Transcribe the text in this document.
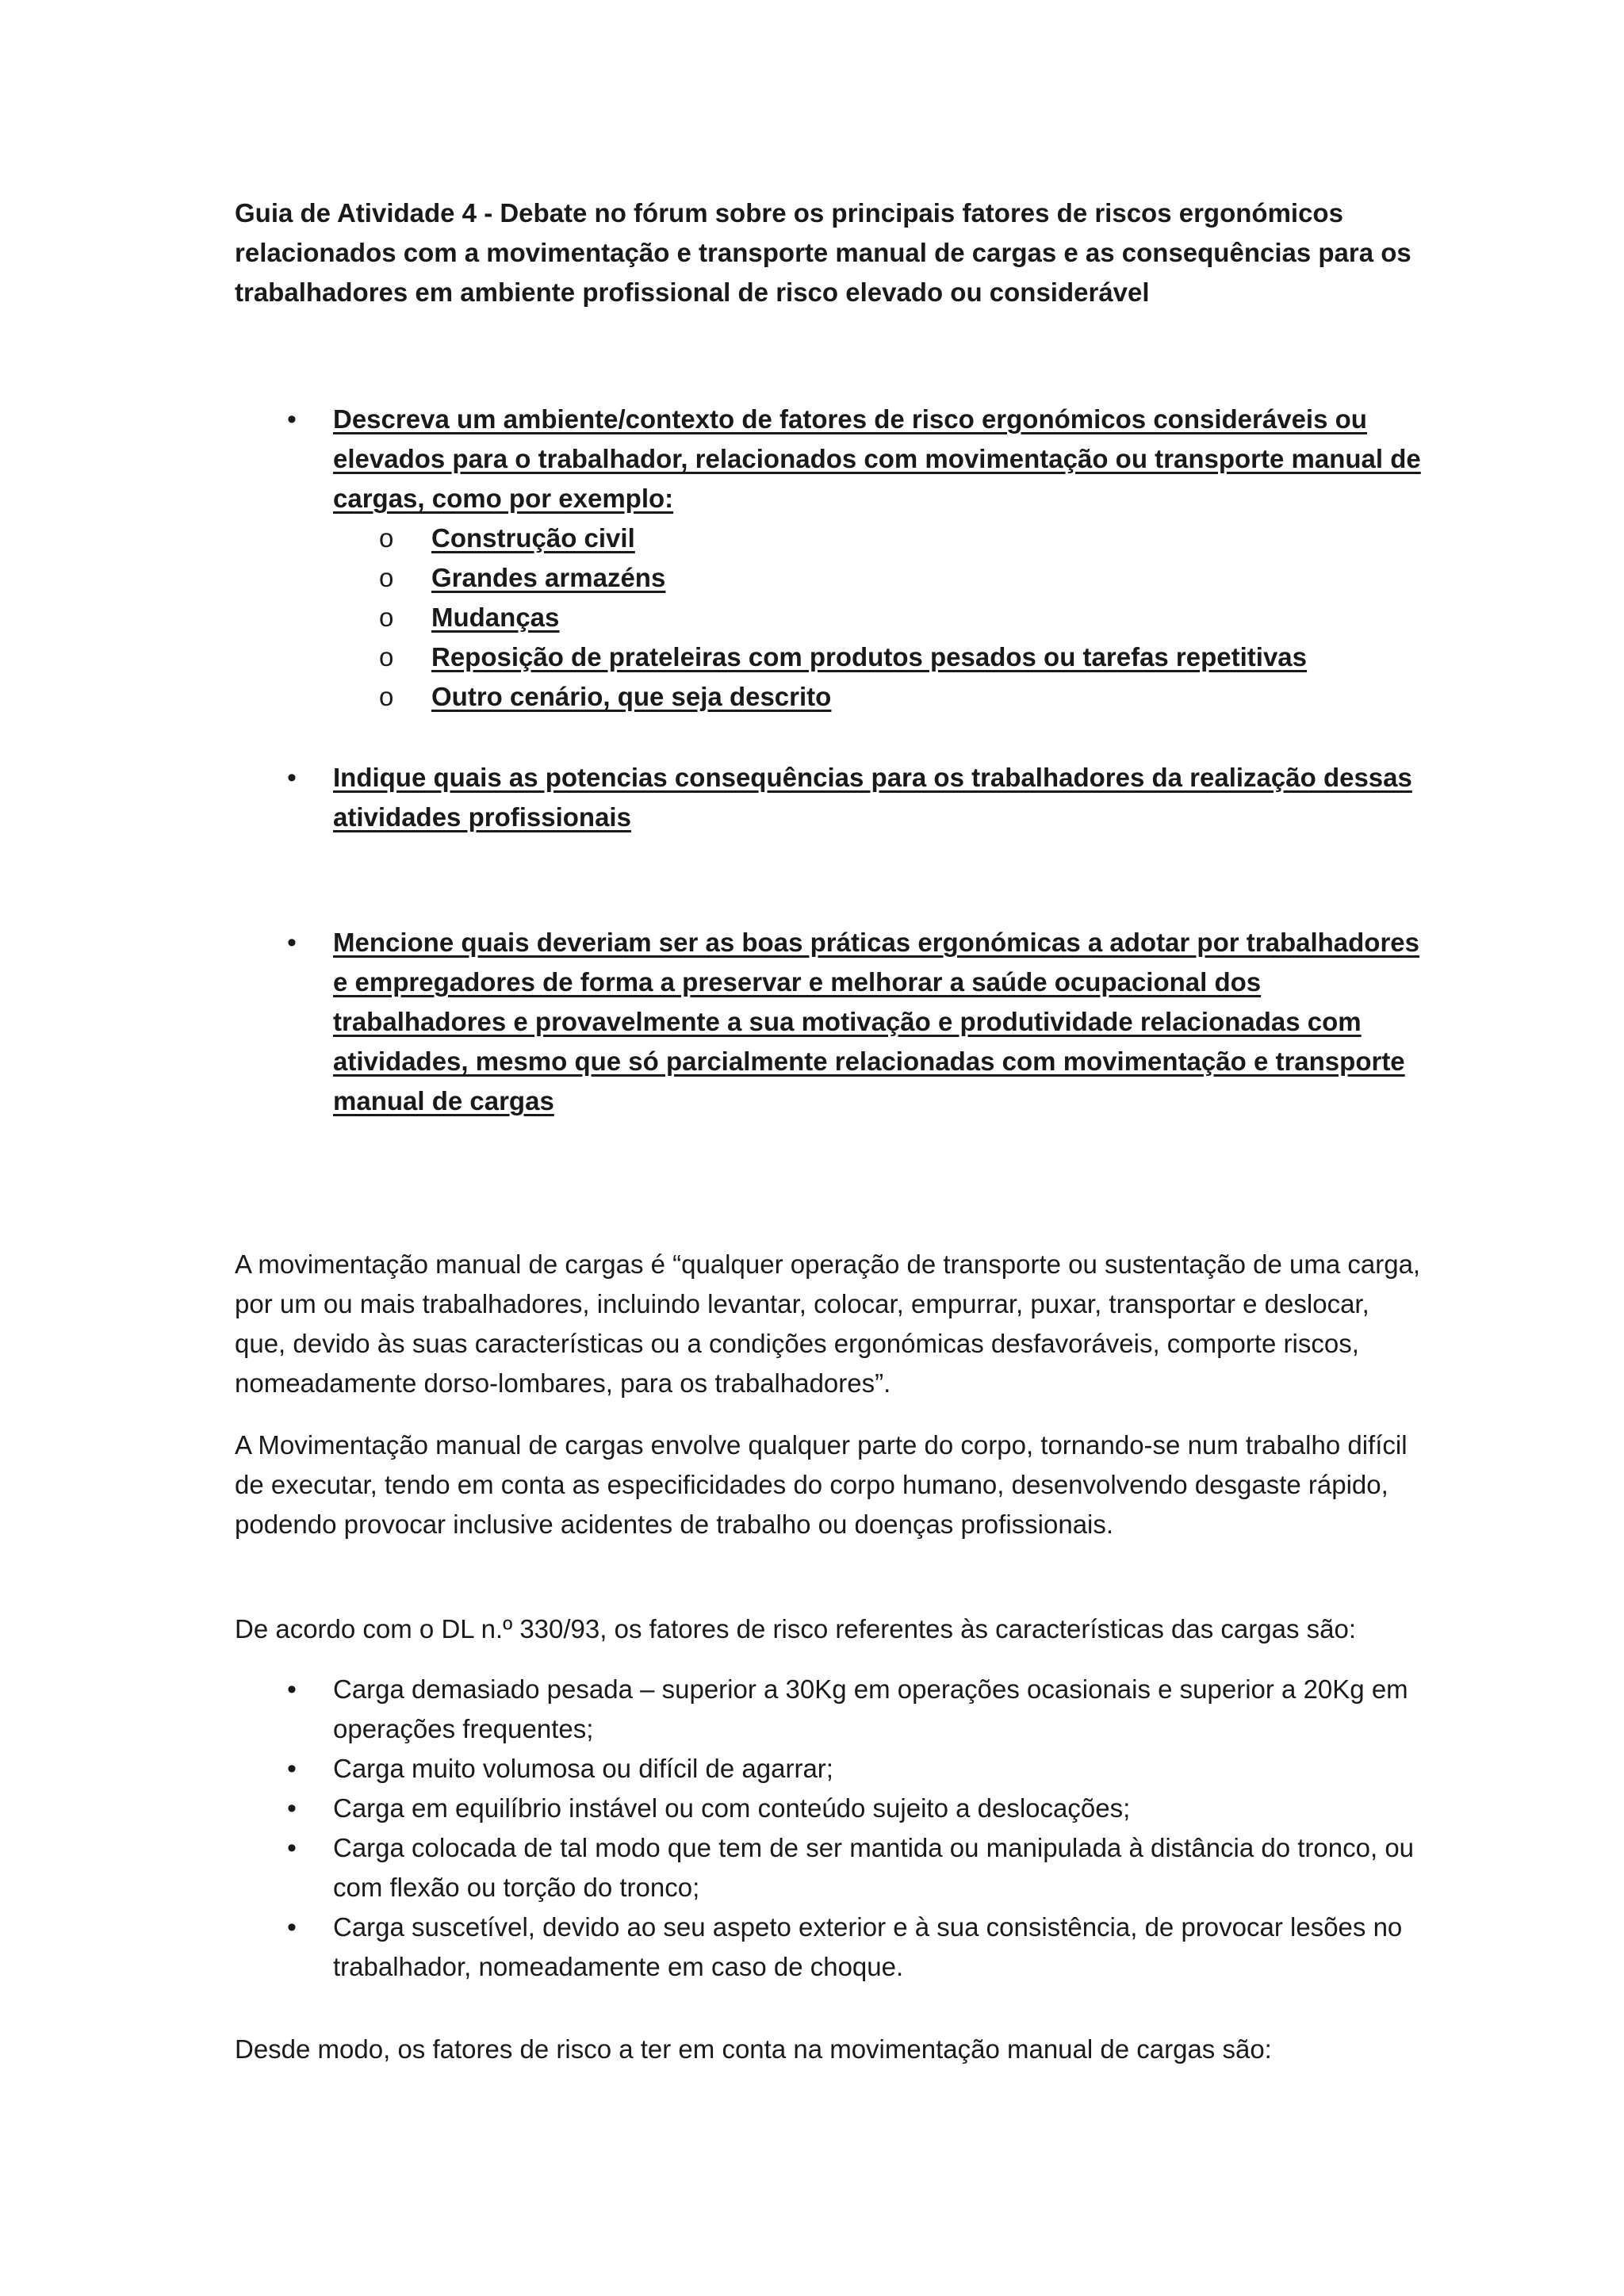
Guia de Atividade 4 - Debate no fórum sobre os principais fatores de riscos ergonómicos relacionados com a movimentação e transporte manual de cargas e as consequências para os trabalhadores em ambiente profissional de risco elevado ou considerável
•	Descreva um ambiente/contexto de fatores de risco ergonómicos consideráveis ou elevados para o trabalhador, relacionados com movimentação ou transporte manual de cargas, como por exemplo:
o	Construção civil
o	Grandes armazéns
o	Mudanças
o	Reposição de prateleiras com produtos pesados ou tarefas repetitivas
o	Outro cenário, que seja descrito
•	Indique quais as potencias consequências para os trabalhadores da realização dessas atividades profissionais
•	Mencione quais deveriam ser as boas práticas ergonómicas a adotar por trabalhadores e empregadores de forma a preservar e melhorar a saúde ocupacional dos trabalhadores e provavelmente a sua motivação e produtividade relacionadas com atividades, mesmo que só parcialmente relacionadas com movimentação e transporte manual de cargas

A movimentação manual de cargas é “qualquer operação de transporte ou sustentação de uma carga, por um ou mais trabalhadores, incluindo levantar, colocar, empurrar, puxar, transportar e deslocar, que, devido às suas características ou a condições ergonómicas desfavoráveis, comporte riscos, nomeadamente dorso-lombares, para os trabalhadores”.

A Movimentação manual de cargas envolve qualquer parte do corpo, tornando-se num trabalho difícil de executar, tendo em conta as especificidades do corpo humano, desenvolvendo desgaste rápido, podendo provocar inclusive acidentes de trabalho ou doenças profissionais.

De acordo com o DL n.º 330/93, os fatores de risco referentes às características das cargas são:

•	Carga demasiado pesada – superior a 30Kg em operações ocasionais e superior a 20Kg em operações frequentes;
•	Carga muito volumosa ou difícil de agarrar;
•	Carga em equilíbrio instável ou com conteúdo sujeito a deslocações;
•	Carga colocada de tal modo que tem de ser mantida ou manipulada à distância do tronco, ou com flexão ou torção do tronco;
•	Carga suscetível, devido ao seu aspeto exterior e à sua consistência, de provocar lesões no trabalhador, nomeadamente em caso de choque.

Desde modo, os fatores de risco a ter em conta na movimentação manual de cargas são:
